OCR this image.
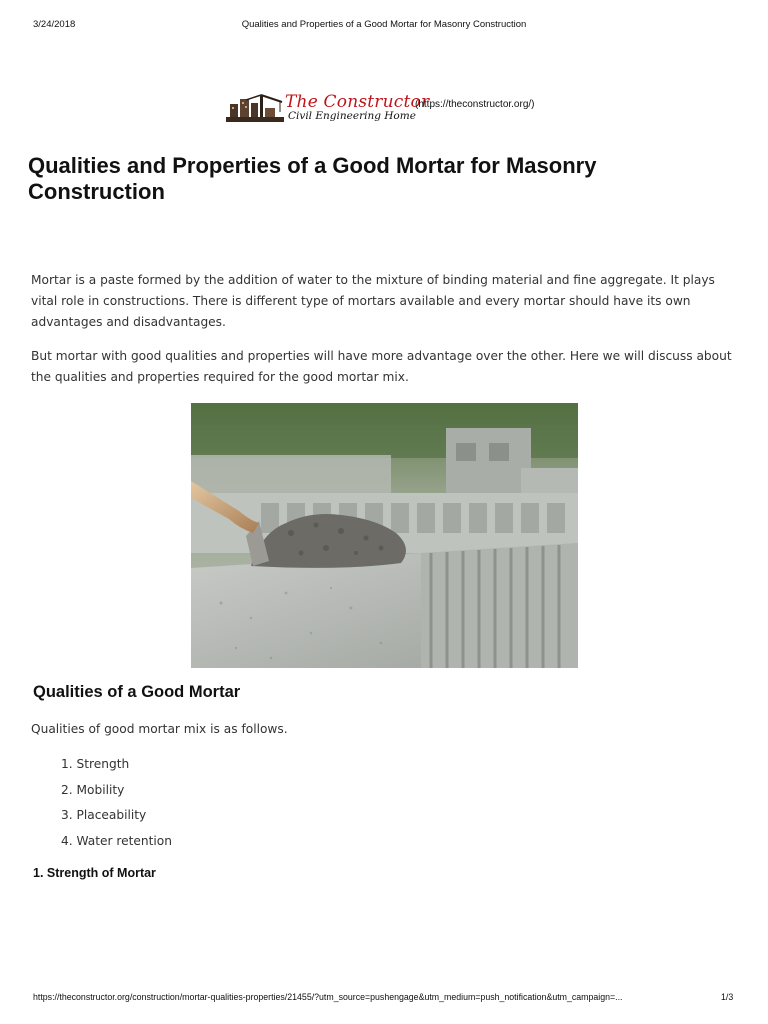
3/24/2018	Qualities and Properties of a Good Mortar for Masonry Construction
The Constructor
Civil Engineering Home
(https://theconstructor.org/)
Qualities and Properties of a Good Mortar for Masonry Construction

Mortar is a paste formed by the addition of water to the mixture of binding material and fine aggregate. It plays vital role in constructions. There is different type of mortars available and every mortar should have its own advantages and disadvantages.

But mortar with good qualities and properties will have more advantage over the other. Here we will discuss about the qualities and properties required for the good mortar mix.

Qualities of a Good Mortar

Qualities of good mortar mix is as follows.

1. Strength
2. Mobility
3. Placeability
4. Water retention
1. Strength of Mortar
https://theconstructor.org/construction/mortar-qualities-properties/21455/?utm_source=pushengage&utm_medium=push_notification&utm_campaign=...	1/3
